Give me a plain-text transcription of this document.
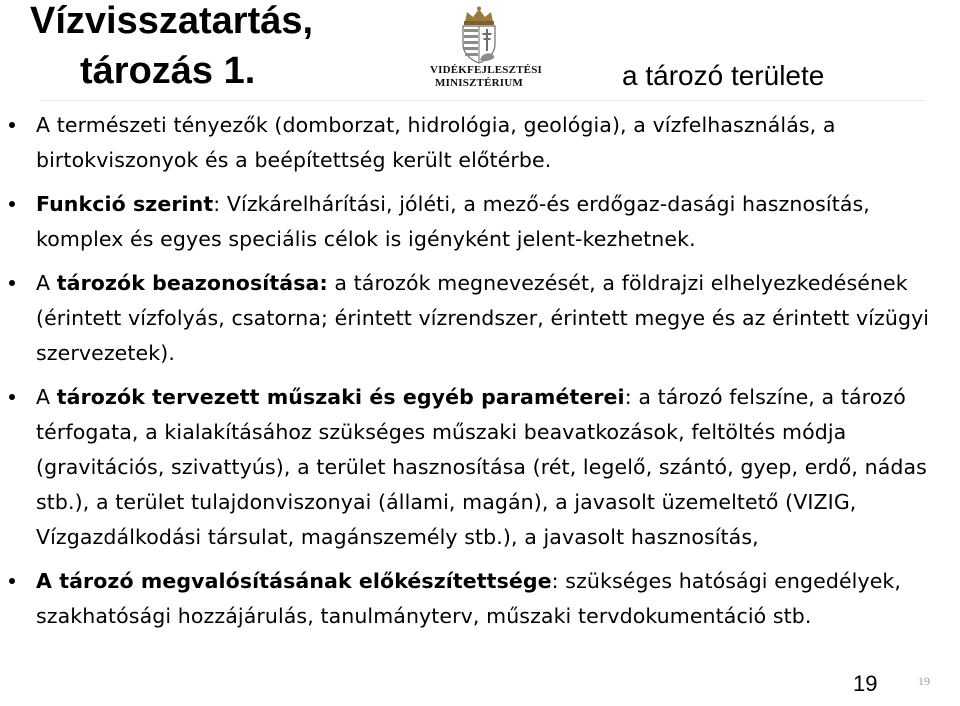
Vízvisszatartás,
tározás 1.	VIDÉKFEJLESZTÉSI
MINISZTÉRIUM	a tározó területe
A természeti tényezők (domborzat, hidrológia, geológia), a vízfelhasználás, a birtokviszonyok és a beépítettség került előtérbe.
Funkció szerint: Vízkárelhárítási, jóléti, a mező-és erdőgaz-dasági hasznosítás, komplex és egyes speciális célok is igényként jelent-kezhetnek.
A tározók beazonosítása: a tározók megnevezését, a földrajzi elhelyezkedésének (érintett vízfolyás, csatorna; érintett vízrendszer, érintett megye és az érintett vízügyi szervezetek).
A tározók tervezett műszaki és egyéb paraméterei: a tározó felszíne, a tározó térfogata, a kialakításához szükséges műszaki beavatkozások, feltöltés módja (gravitációs, szivattyús), a terület hasznosítása (rét, legelő, szántó, gyep, erdő, nádas stb.), a terület tulajdonviszonyai (állami, magán), a javasolt üzemeltető (VIZIG, Vízgazdálkodási társulat, magánszemély stb.), a javasolt hasznosítás,
A tározó megvalósításának előkészítettsége: szükséges hatósági engedélyek, szakhatósági hozzájárulás, tanulmányterv, műszaki tervdokumentáció stb.
19	19
